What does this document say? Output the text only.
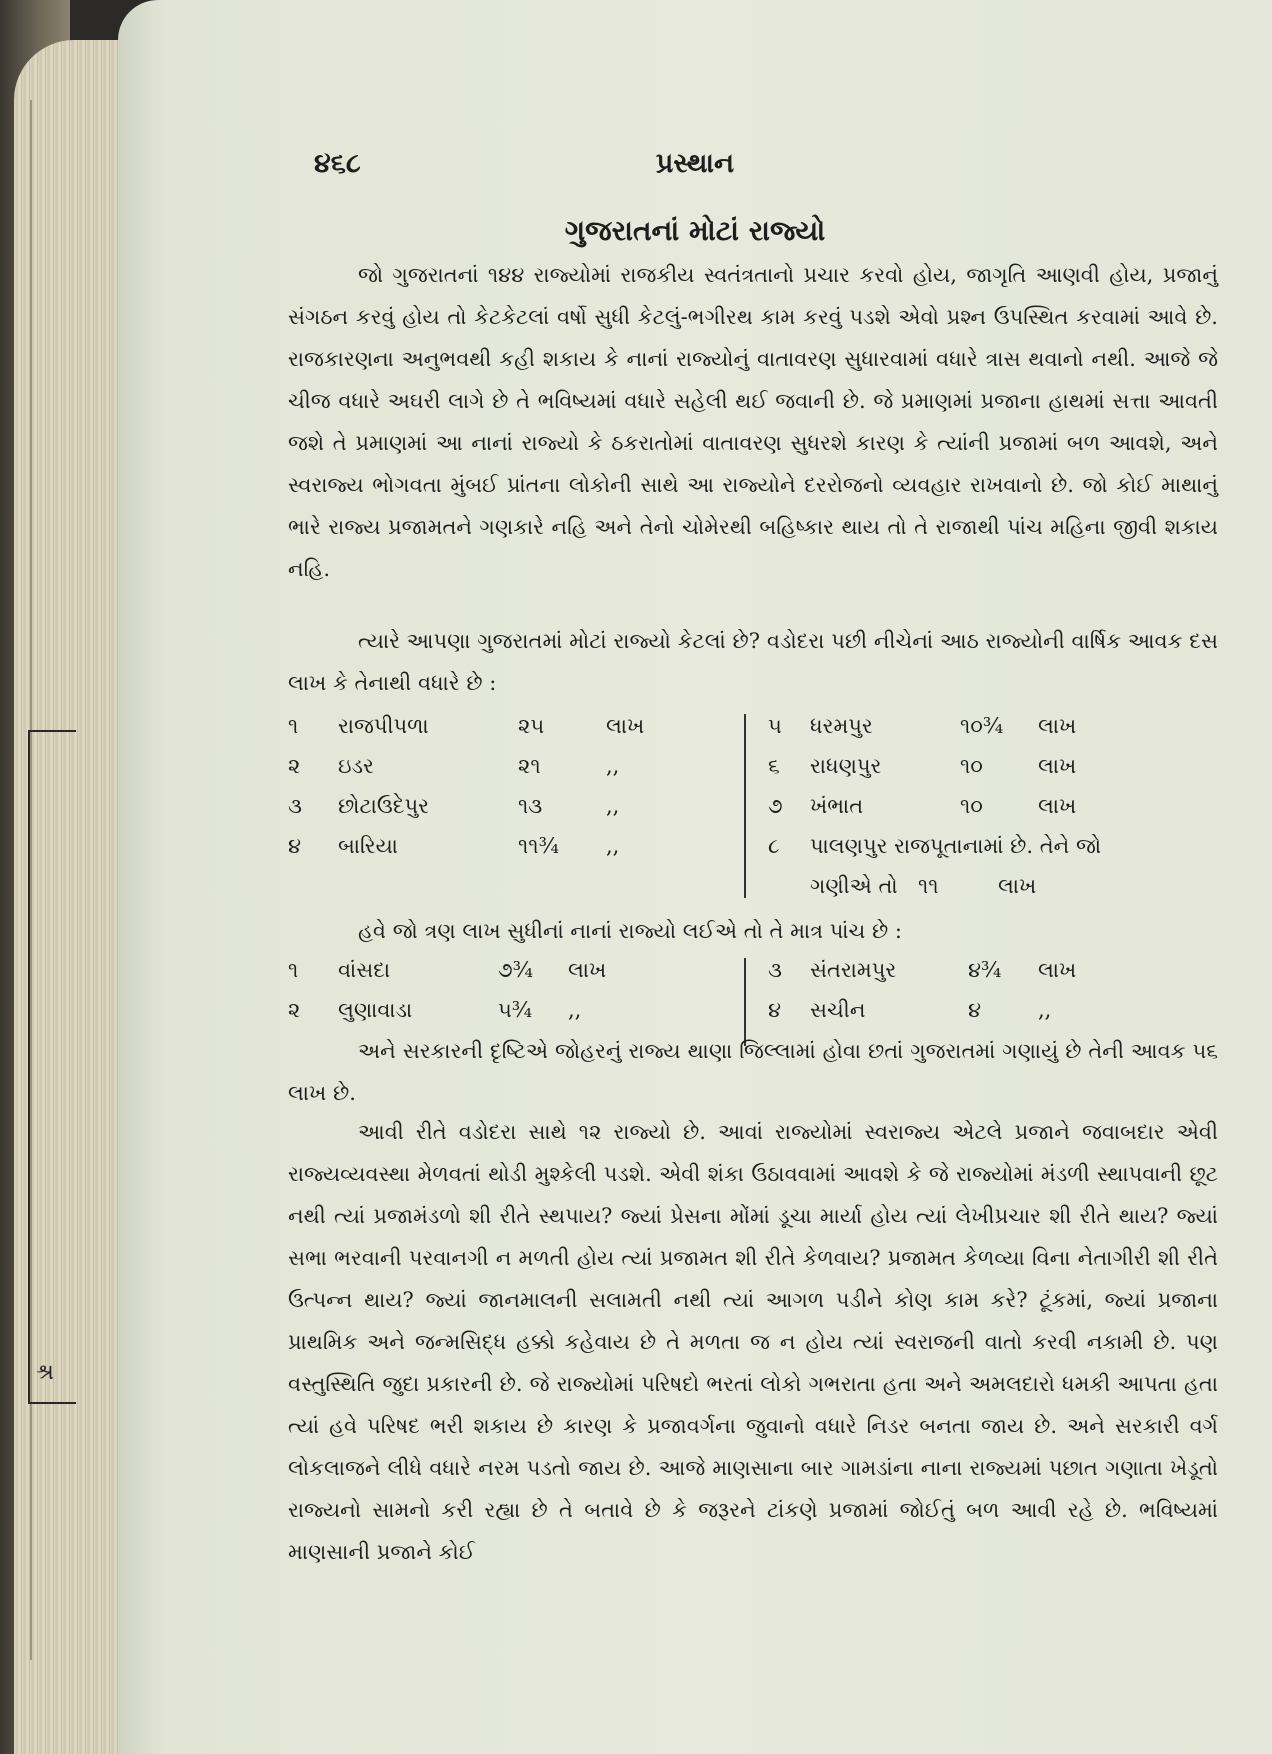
શ્ર
૪૬૮	પ્રસ્થાન
ગુજરાતનાં મોટાં રાજ્યો

જો ગુજરાતનાં ૧૪૪ રાજ્યોમાં રાજકીય સ્વતંત્રતાનો પ્રચાર કરવો હોય, જાગૃતિ આણવી હોય, પ્રજાનું સંગઠન કરવું હોય તો કેટકેટલાં વર્ષો સુધી કેટલું-ભગીરથ કામ કરવું પડશે એવો પ્રશ્ન ઉપસ્થિત કરવામાં આવે છે. રાજકારણના અનુભવથી કહી શકાય કે નાનાં રાજ્યોનું વાતાવરણ સુધારવામાં વધારે ત્રાસ થવાનો નથી. આજે જે ચીજ વધારે અઘરી લાગે છે તે ભવિષ્યમાં વધારે સહેલી થઈ જવાની છે. જે પ્રમાણમાં પ્રજાના હાથમાં સત્તા આવતી જશે તે પ્રમાણમાં આ નાનાં રાજ્યો કે ઠકરાતોમાં વાતાવરણ સુધરશે કારણ કે ત્યાંની પ્રજામાં બળ આવશે, અને સ્વરાજ્ય ભોગવતા મુંબઈ પ્રાંતના લોકોની સાથે આ રાજ્યોને દરરોજનો વ્યવહાર રાખવાનો છે. જો કોઈ માથાનું ભારે રાજ્ય પ્રજામતને ગણકારે નહિ અને તેનો ચોમેરથી બહિષ્કાર થાય તો તે રાજાથી પાંચ મહિના જીવી શકાય નહિ.

ત્યારે આપણા ગુજરાતમાં મોટાં રાજ્યો કેટલાં છે? વડોદરા પછી નીચેનાં આઠ રાજ્યોની વાર્ષિક આવક દસ લાખ કે તેનાથી વધારે છે :

૧ રાજપીપળા	૨૫	લાખ
૨ ઇડર	૨૧	,,
૩ છોટાઉદેપુર	૧૩	,,
૪ બારિયા	૧૧¾ ,,
૫ ધરમપુર	૧૦¾ લાખ
૬ રાધણપુર	૧૦	લાખ
૭ ખંભાત	૧૦	લાખ
૮ પાલણપુર રાજપૂતાનામાં છે. તેને જો
ગણીએ તો ૧૧	લાખ

હવે જો ત્રણ લાખ સુધીનાં નાનાં રાજ્યો લઈએ તો તે માત્ર પાંચ છે :

૧ વાંસદા	૭¾ લાખ
૨ લુણાવાડા	૫¾ ,,
૩ સંતરામપુર	૪¾ લાખ
૪ સચીન	૪	,,

અને સરકારની દૃષ્ટિએ જોહરનું રાજ્ય થાણા જિલ્લામાં હોવા છતાં ગુજરાતમાં ગણાયું છે તેની આવક ૫૬ લાખ છે.

આવી રીતે વડોદરા સાથે ૧૨ રાજ્યો છે. આવાં રાજ્યોમાં સ્વરાજ્ય એટલે પ્રજાને જવાબદાર એવી રાજ્યવ્યવસ્થા મેળવતાં થોડી મુશ્કેલી પડશે. એવી શંકા ઉઠાવવામાં આવશે કે જે રાજ્યોમાં મંડળી સ્થાપવાની છૂટ નથી ત્યાં પ્રજામંડળો શી રીતે સ્થપાય? જ્યાં પ્રેસના મોંમાં ડૂચા માર્યા હોય ત્યાં લેખીપ્રચાર શી રીતે થાય? જ્યાં સભા ભરવાની પરવાનગી ન મળતી હોય ત્યાં પ્રજામત શી રીતે કેળવાય? પ્રજામત કેળવ્યા વિના નેતાગીરી શી રીતે ઉત્પન્ન થાય? જ્યાં જાનમાલની સલામતી નથી ત્યાં આગળ પડીને કોણ કામ કરે? ટૂંકમાં, જ્યાં પ્રજાના પ્રાથમિક અને જન્મસિદ્ધ હક્કો કહેવાય છે તે મળતા જ ન હોય ત્યાં સ્વરાજની વાતો કરવી નકામી છે. પણ વસ્તુસ્થિતિ જુદા પ્રકારની છે. જે રાજ્યોમાં પરિષદો ભરતાં લોકો ગભરાતા હતા અને અમલદારો ધમકી આપતા હતા ત્યાં હવે પરિષદ ભરી શકાય છે કારણ કે પ્રજાવર્ગના જુવાનો વધારે નિડર બનતા જાય છે. અને સરકારી વર્ગ લોકલાજને લીધે વધારે નરમ પડતો જાય છે. આજે માણસાના બાર ગામડાંના નાના રાજ્યમાં પછાત ગણાતા ખેડૂતો રાજ્યનો સામનો કરી રહ્યા છે તે બતાવે છે કે જરૂરને ટાંકણે પ્રજામાં જોઈતું બળ આવી રહે છે. ભવિષ્યમાં માણસાની પ્રજાને કોઈ
